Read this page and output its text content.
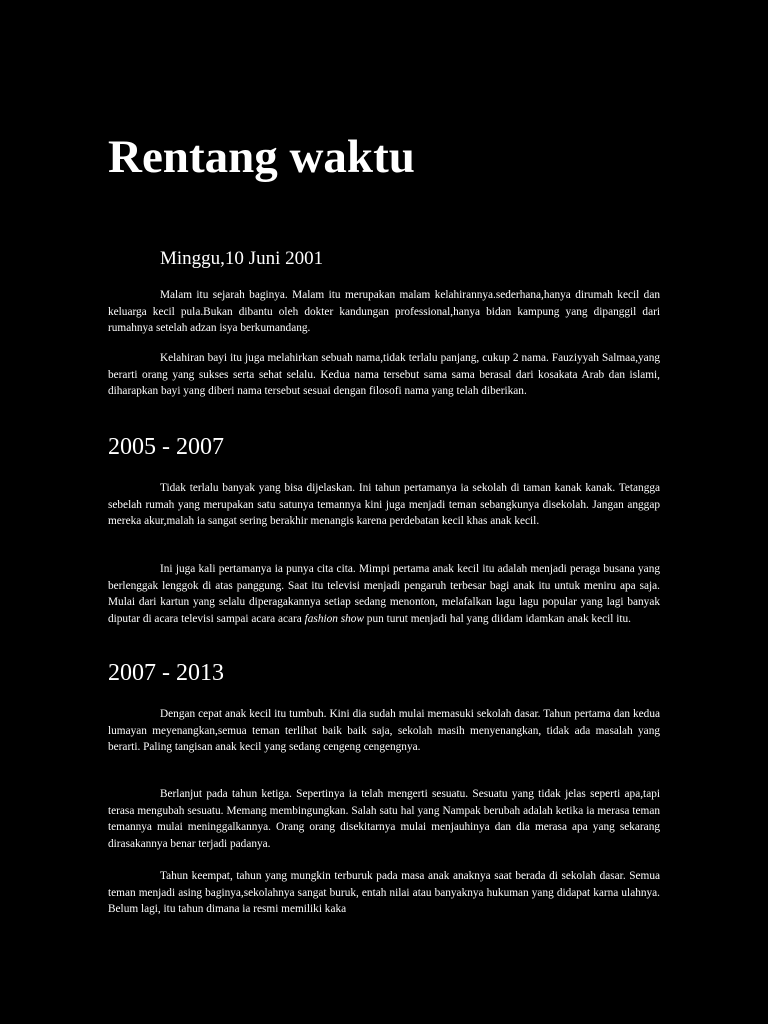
Rentang waktu
Minggu,10 Juni 2001

Malam itu sejarah baginya. Malam itu merupakan malam kelahirannya.sederhana,hanya dirumah kecil dan keluarga kecil pula.Bukan dibantu oleh dokter kandungan professional,hanya bidan kampung yang dipanggil dari rumahnya setelah adzan isya berkumandang.

Kelahiran bayi itu juga melahirkan sebuah nama,tidak terlalu panjang, cukup 2 nama. Fauziyyah Salmaa,yang berarti orang yang sukses serta sehat selalu. Kedua nama tersebut sama sama berasal dari kosakata Arab dan islami, diharapkan bayi yang diberi nama tersebut sesuai dengan filosofi nama yang telah diberikan.

2005 - 2007

Tidak terlalu banyak yang bisa dijelaskan. Ini tahun pertamanya ia sekolah di taman kanak kanak. Tetangga sebelah rumah yang merupakan satu satunya temannya kini juga menjadi teman sebangkunya disekolah. Jangan anggap mereka akur,malah ia sangat sering berakhir menangis karena perdebatan kecil khas anak kecil.

Ini juga kali pertamanya ia punya cita cita. Mimpi pertama anak kecil itu adalah menjadi peraga busana yang berlenggak lenggok di atas panggung. Saat itu televisi menjadi pengaruh terbesar bagi anak itu untuk meniru apa saja. Mulai dari kartun yang selalu diperagakannya setiap sedang menonton, melafalkan lagu lagu popular yang lagi banyak diputar di acara televisi sampai acara acara fashion show pun turut menjadi hal yang diidam idamkan anak kecil itu.

2007 - 2013

Dengan cepat anak kecil itu tumbuh. Kini dia sudah mulai memasuki sekolah dasar. Tahun pertama dan kedua lumayan meyenangkan,semua teman terlihat baik baik saja, sekolah masih menyenangkan, tidak ada masalah yang berarti. Paling tangisan anak kecil yang sedang cengeng cengengnya.

Berlanjut pada tahun ketiga. Sepertinya ia telah mengerti sesuatu. Sesuatu yang tidak jelas seperti apa,tapi terasa mengubah sesuatu. Memang membingungkan. Salah satu hal yang Nampak berubah adalah ketika ia merasa teman temannya mulai meninggalkannya. Orang orang disekitarnya mulai menjauhinya dan dia merasa apa yang sekarang dirasakannya benar terjadi padanya.

Tahun keempat, tahun yang mungkin terburuk pada masa anak anaknya saat berada di sekolah dasar. Semua teman menjadi asing baginya,sekolahnya sangat buruk, entah nilai atau banyaknya hukuman yang didapat karna ulahnya. Belum lagi, itu tahun dimana ia resmi memiliki kaka
